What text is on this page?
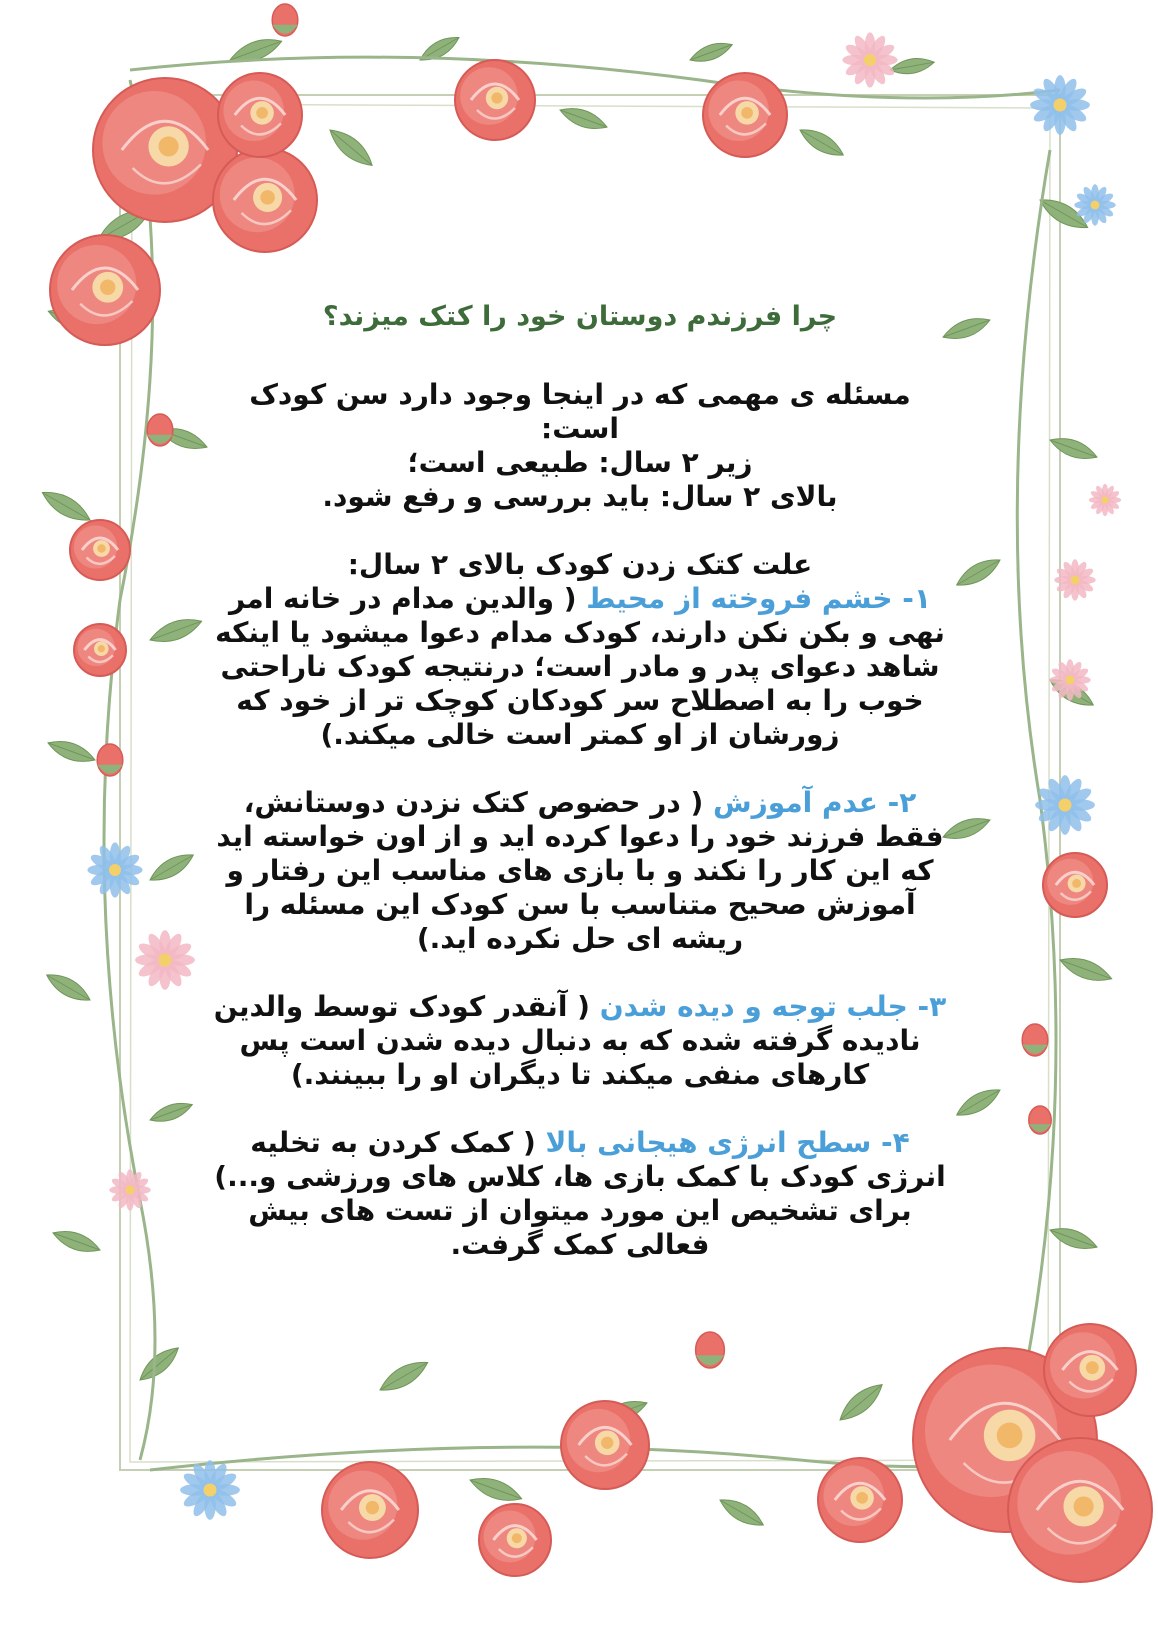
چرا فرزندم دوستان خود را کتک میزند؟
مسئله ی مهمی که در اینجا وجود دارد سن کودک
است:
زیر ۲ سال: طبیعی است؛
بالای ۲ سال: باید بررسی و رفع شود.
علت کتک زدن کودک بالای ۲ سال:
۱- خشم فروخته از محیط ( والدین مدام در خانه امر
نهی و بکن نکن دارند، کودک مدام دعوا میشود یا اینکه
شاهد دعوای پدر و مادر است؛ درنتیجه کودک ناراحتی
خوب را به اصطلاح سر کودکان کوچک تر از خود که
زورشان از او کمتر است خالی میکند.)
۲- عدم آموزش ( در حضوص کتک نزدن دوستانش،
فقط فرزند خود را دعوا کرده اید و از اون خواسته اید
که این کار را نکند و با بازی های مناسب این رفتار و
آموزش صحیح متناسب با سن کودک این مسئله را
ریشه ای حل نکرده اید.)
۳- جلب توجه و دیده شدن ( آنقدر کودک توسط والدین
نادیده گرفته شده که به دنبال دیده شدن است پس
کارهای منفی میکند تا دیگران او را ببینند.)
۴- سطح انرژی هیجانی بالا ( کمک کردن به تخلیه
انرژی کودک با کمک بازی ها، کلاس های ورزشی و...)
برای تشخیص این مورد میتوان از تست های بیش
فعالی کمک گرفت.
